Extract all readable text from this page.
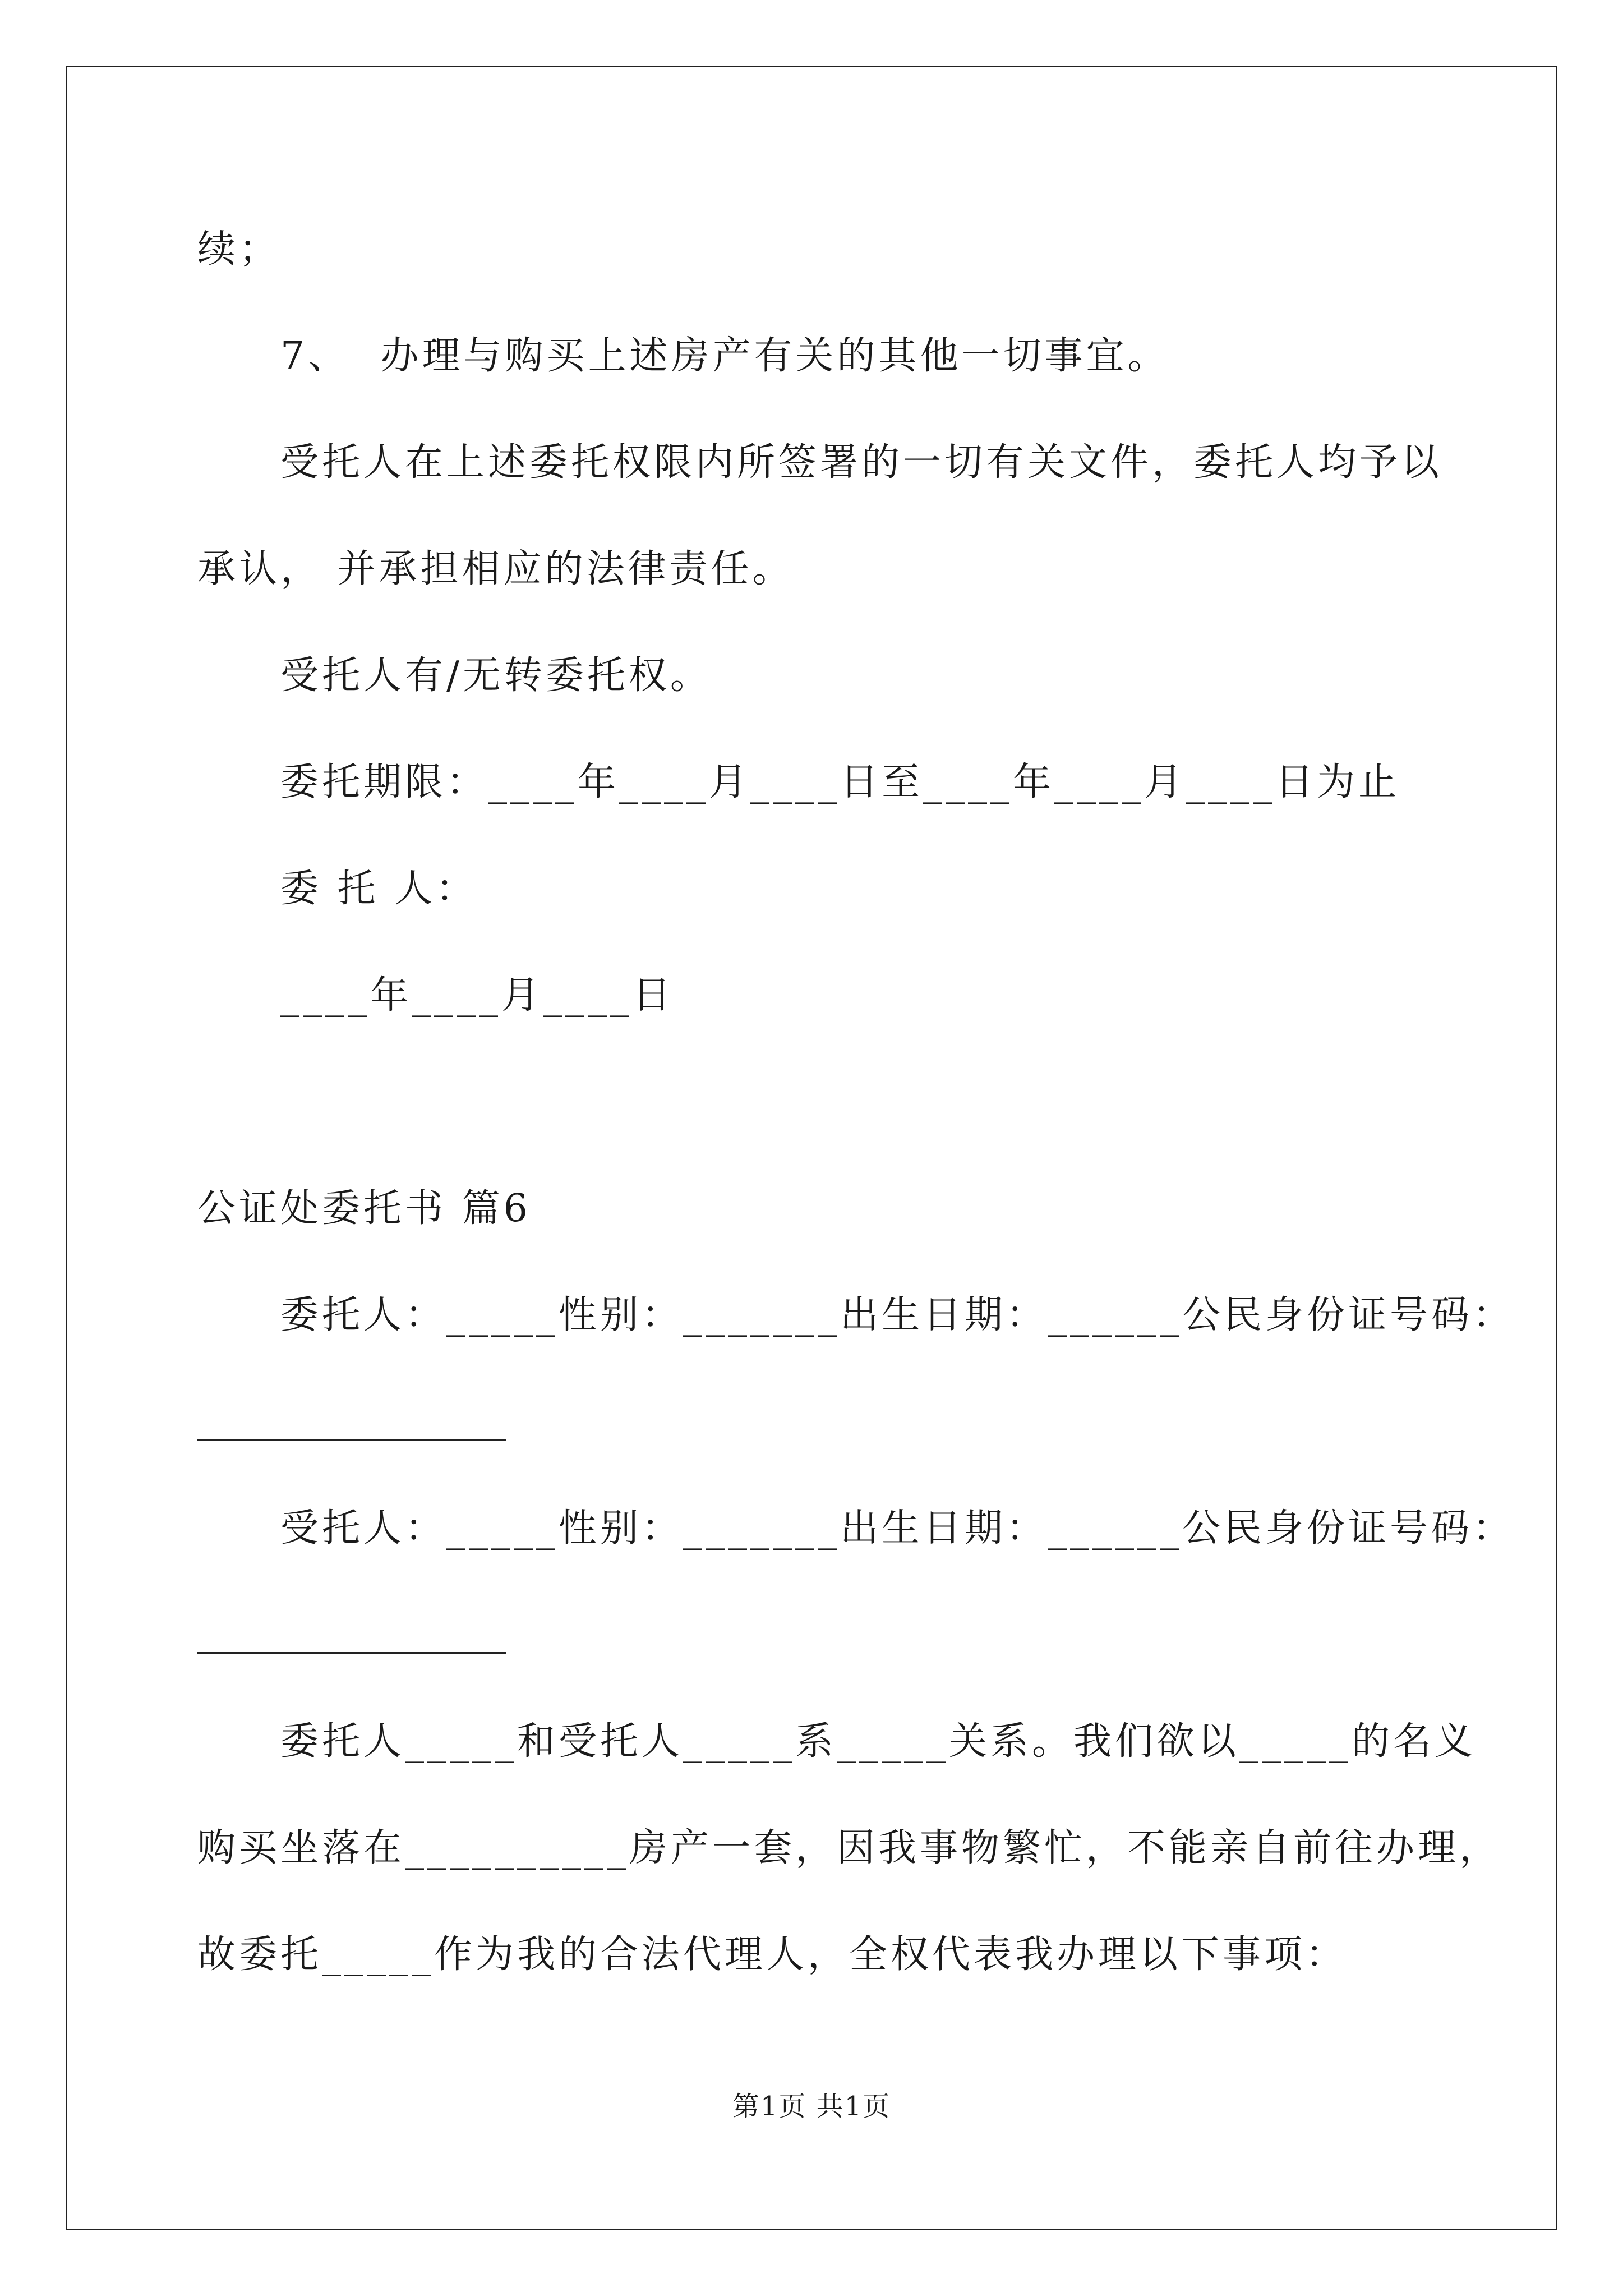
续；
7、  办理与购买上述房产有关的其他一切事宜。
受托人在上述委托权限内所签署的一切有关文件，委托人均予以
承认， 并承担相应的法律责任。
受托人有/无转委托权。
委托期限：____年____月____日至____年____月____日为止
委 托 人：
____年____月____日
公证处委托书 篇6
委托人：_____性别：_______出生日期：______公民身份证号码：
受托人：_____性别：_______出生日期：______公民身份证号码：
委托人_____和受托人_____系_____关系。我们欲以_____的名义
购买坐落在__________房产一套，因我事物繁忙，不能亲自前往办理，
故委托_____作为我的合法代理人，全权代表我办理以下事项：
第1页 共1页
